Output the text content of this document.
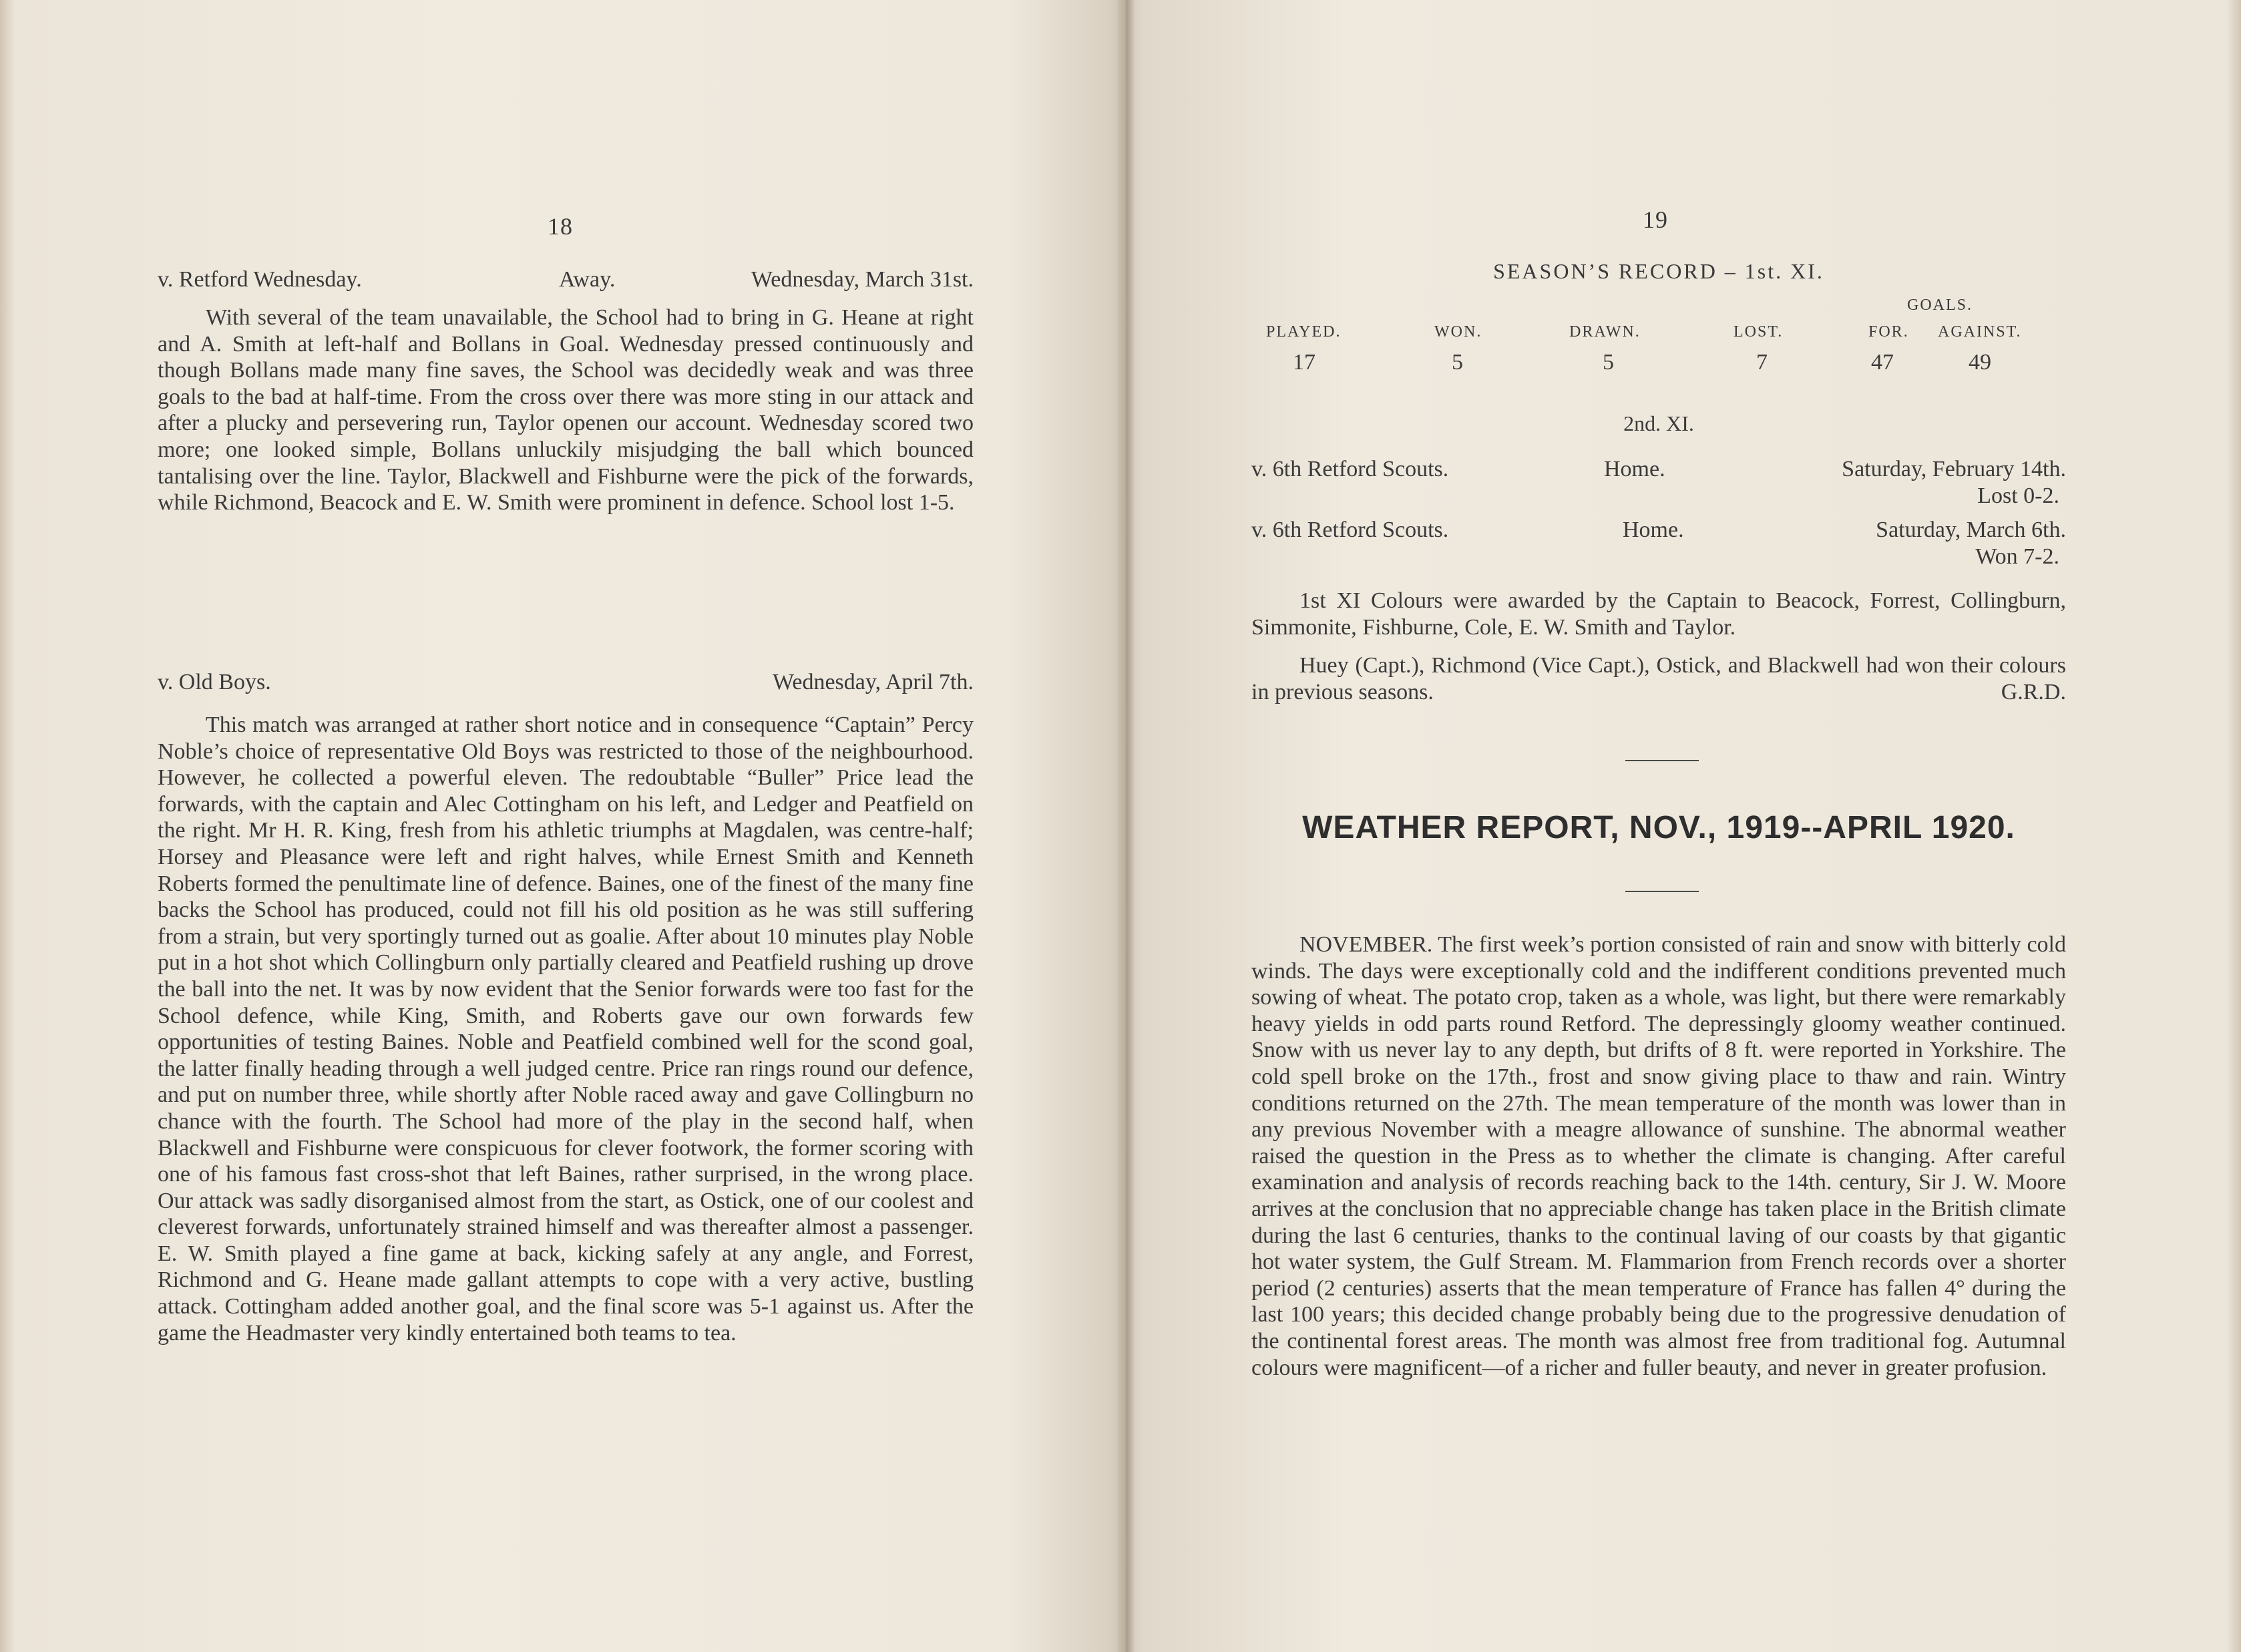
18
v. Retford Wednesday.	Away.	Wednesday, March 31st.

With several of the team unavailable, the School had to bring in G. Heane at right and A. Smith at left-half and Bollans in Goal. Wednesday pressed continuously and though Bollans made many fine saves, the School was decidedly weak and was three goals to the bad at half-time. From the cross over there was more sting in our attack and after a plucky and persevering run, Taylor openen our account. Wednesday scored two more; one looked simple, Bollans unluckily misjudging the ball which bounced tantalising over the line. Taylor, Blackwell and Fishburne were the pick of the forwards, while Richmond, Beacock and E. W. Smith were prominent in defence. School lost 1-5.

v. Old Boys.	Wednesday, April 7th.

This match was arranged at rather short notice and in consequence “Captain” Percy Noble’s choice of representative Old Boys was restricted to those of the neighbourhood. However, he collected a powerful eleven. The redoubtable “Buller” Price lead the forwards, with the captain and Alec Cottingham on his left, and Ledger and Peatfield on the right. Mr H. R. King, fresh from his athletic triumphs at Magdalen, was centre-half; Horsey and Pleasance were left and right halves, while Ernest Smith and Kenneth Roberts formed the penultimate line of defence. Baines, one of the finest of the many fine backs the School has produced, could not fill his old position as he was still suffering from a strain, but very sportingly turned out as goalie. After about 10 minutes play Noble put in a hot shot which Collingburn only partially cleared and Peatfield rushing up drove the ball into the net. It was by now evident that the Senior forwards were too fast for the School defence, while King, Smith, and Roberts gave our own forwards few opportunities of testing Baines. Noble and Peatfield combined well for the scond goal, the latter finally heading through a well judged centre. Price ran rings round our defence, and put on number three, while shortly after Noble raced away and gave Collingburn no chance with the fourth. The School had more of the play in the second half, when Blackwell and Fishburne were conspicuous for clever footwork, the former scoring with one of his famous fast cross-shot that left Baines, rather surprised, in the wrong place. Our attack was sadly disorganised almost from the start, as Ostick, one of our coolest and cleverest forwards, unfortunately strained himself and was thereafter almost a passenger. E. W. Smith played a fine game at back, kicking safely at any angle, and Forrest, Richmond and G. Heane made gallant attempts to cope with a very active, bustling attack. Cottingham added another goal, and the final score was 5-1 against us. After the game the Headmaster very kindly entertained both teams to tea.

19
SEASON’S RECORD – 1st. XI.
GOALS.
PLAYED.	WON.	DRAWN.	LOST.	FOR. AGAINST.
17	5	5	7	47	49
2nd. XI.
v. 6th Retford Scouts.	Home.	Saturday, February 14th.
Lost 0-2.
v. 6th Retford Scouts.	Home.	Saturday, March 6th.
Won 7-2.

1st XI Colours were awarded by the Captain to Beacock, Forrest, Collingburn, Simmonite, Fishburne, Cole, E. W. Smith and Taylor.

Huey (Capt.), Richmond (Vice Capt.), Ostick, and Blackwell had won their colours in previous seasons.	G.R.D.

WEATHER REPORT, NOV., 1919--APRIL 1920.

NOVEMBER. The first week’s portion consisted of rain and snow with bitterly cold winds. The days were exceptionally cold and the indifferent conditions prevented much sowing of wheat. The potato crop, taken as a whole, was light, but there were remarkably heavy yields in odd parts round Retford. The depressingly gloomy weather continued. Snow with us never lay to any depth, but drifts of 8 ft. were reported in Yorkshire. The cold spell broke on the 17th., frost and snow giving place to thaw and rain. Wintry conditions returned on the 27th. The mean temperature of the month was lower than in any previous November with a meagre allowance of sunshine. The abnormal weather raised the question in the Press as to whether the climate is changing. After careful examination and analysis of records reaching back to the 14th. century, Sir J. W. Moore arrives at the conclusion that no appreciable change has taken place in the British climate during the last 6 centuries, thanks to the continual laving of our coasts by that gigantic hot water system, the Gulf Stream. M. Flammarion from French records over a shorter period (2 centuries) asserts that the mean temperature of France has fallen 4° during the last 100 years; this decided change probably being due to the progressive denudation of the continental forest areas. The month was almost free from traditional fog. Autumnal colours were magnificent—of a richer and fuller beauty, and never in greater profusion.
